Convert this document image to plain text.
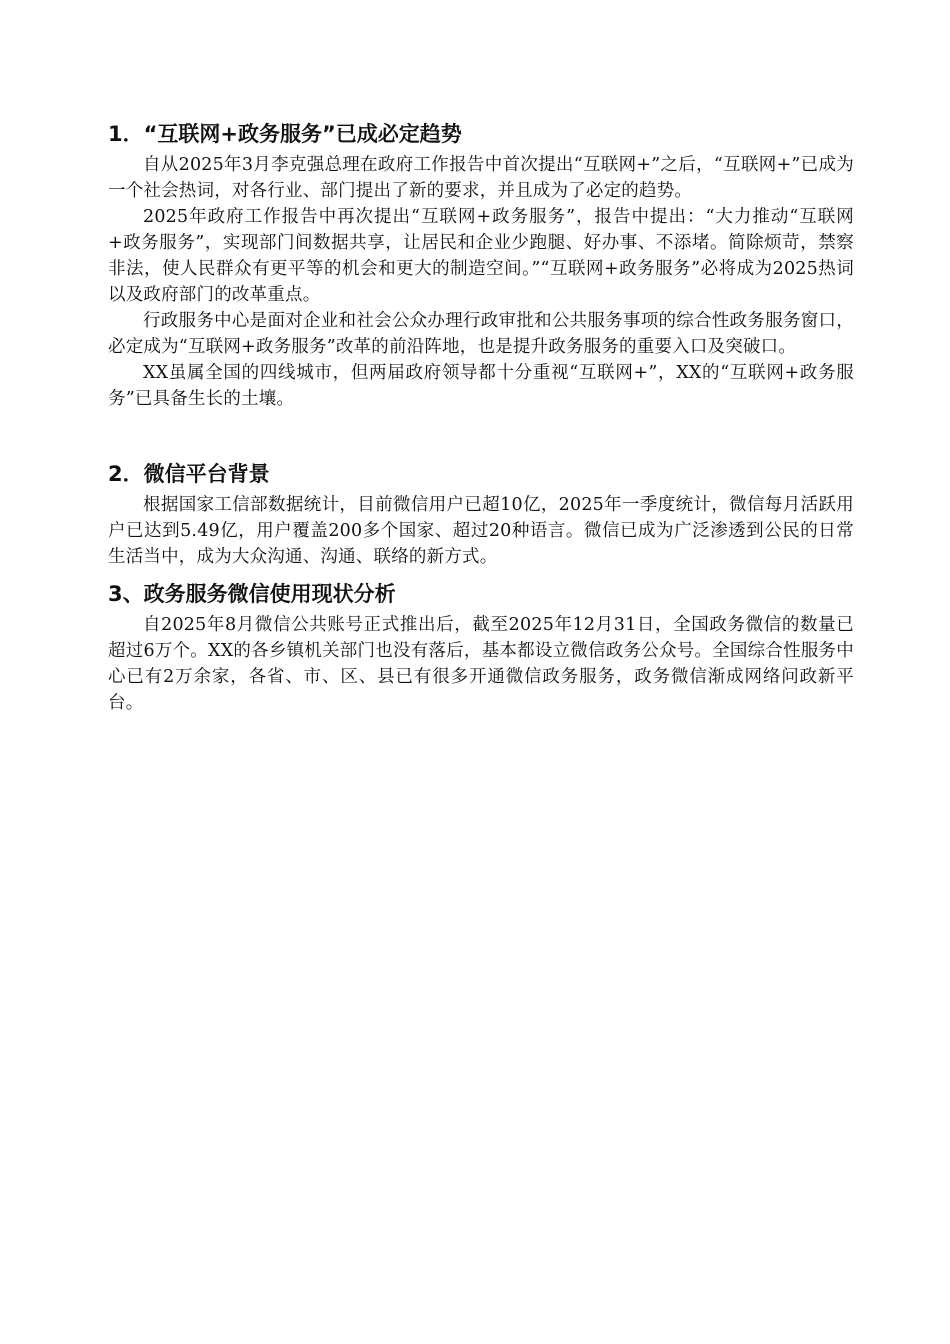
1．“互联网+政务服务”已成必定趋势

自从2025年3月李克强总理在政府工作报告中首次提出“互联网+”之后，“互联网+”已成为一个社会热词，对各行业、部门提出了新的要求，并且成为了必定的趋势。

2025年政府工作报告中再次提出“互联网+政务服务”，报告中提出：“大力推动“互联网+政务服务”，实现部门间数据共享，让居民和企业少跑腿、好办事、不添堵。简除烦苛，禁察非法，使人民群众有更平等的机会和更大的制造空间。”“互联网+政务服务”必将成为2025热词以及政府部门的改革重点。

行政服务中心是面对企业和社会公众办理行政审批和公共服务事项的综合性政务服务窗口，必定成为“互联网+政务服务”改革的前沿阵地，也是提升政务服务的重要入口及突破口。

XX虽属全国的四线城市，但两届政府领导都十分重视“互联网+”，XX的“互联网+政务服务”已具备生长的土壤。

2．微信平台背景

根据国家工信部数据统计，目前微信用户已超10亿，2025年一季度统计，微信每月活跃用户已达到5.49亿，用户覆盖200多个国家、超过20种语言。微信已成为广泛渗透到公民的日常生活当中，成为大众沟通、沟通、联络的新方式。

3、政务服务微信使用现状分析

自2025年8月微信公共账号正式推出后，截至2025年12月31日，全国政务微信的数量已超过6万个。XX的各乡镇机关部门也没有落后，基本都设立微信政务公众号。全国综合性服务中心已有2万余家，各省、市、区、县已有很多开通微信政务服务，政务微信渐成网络问政新平台。
